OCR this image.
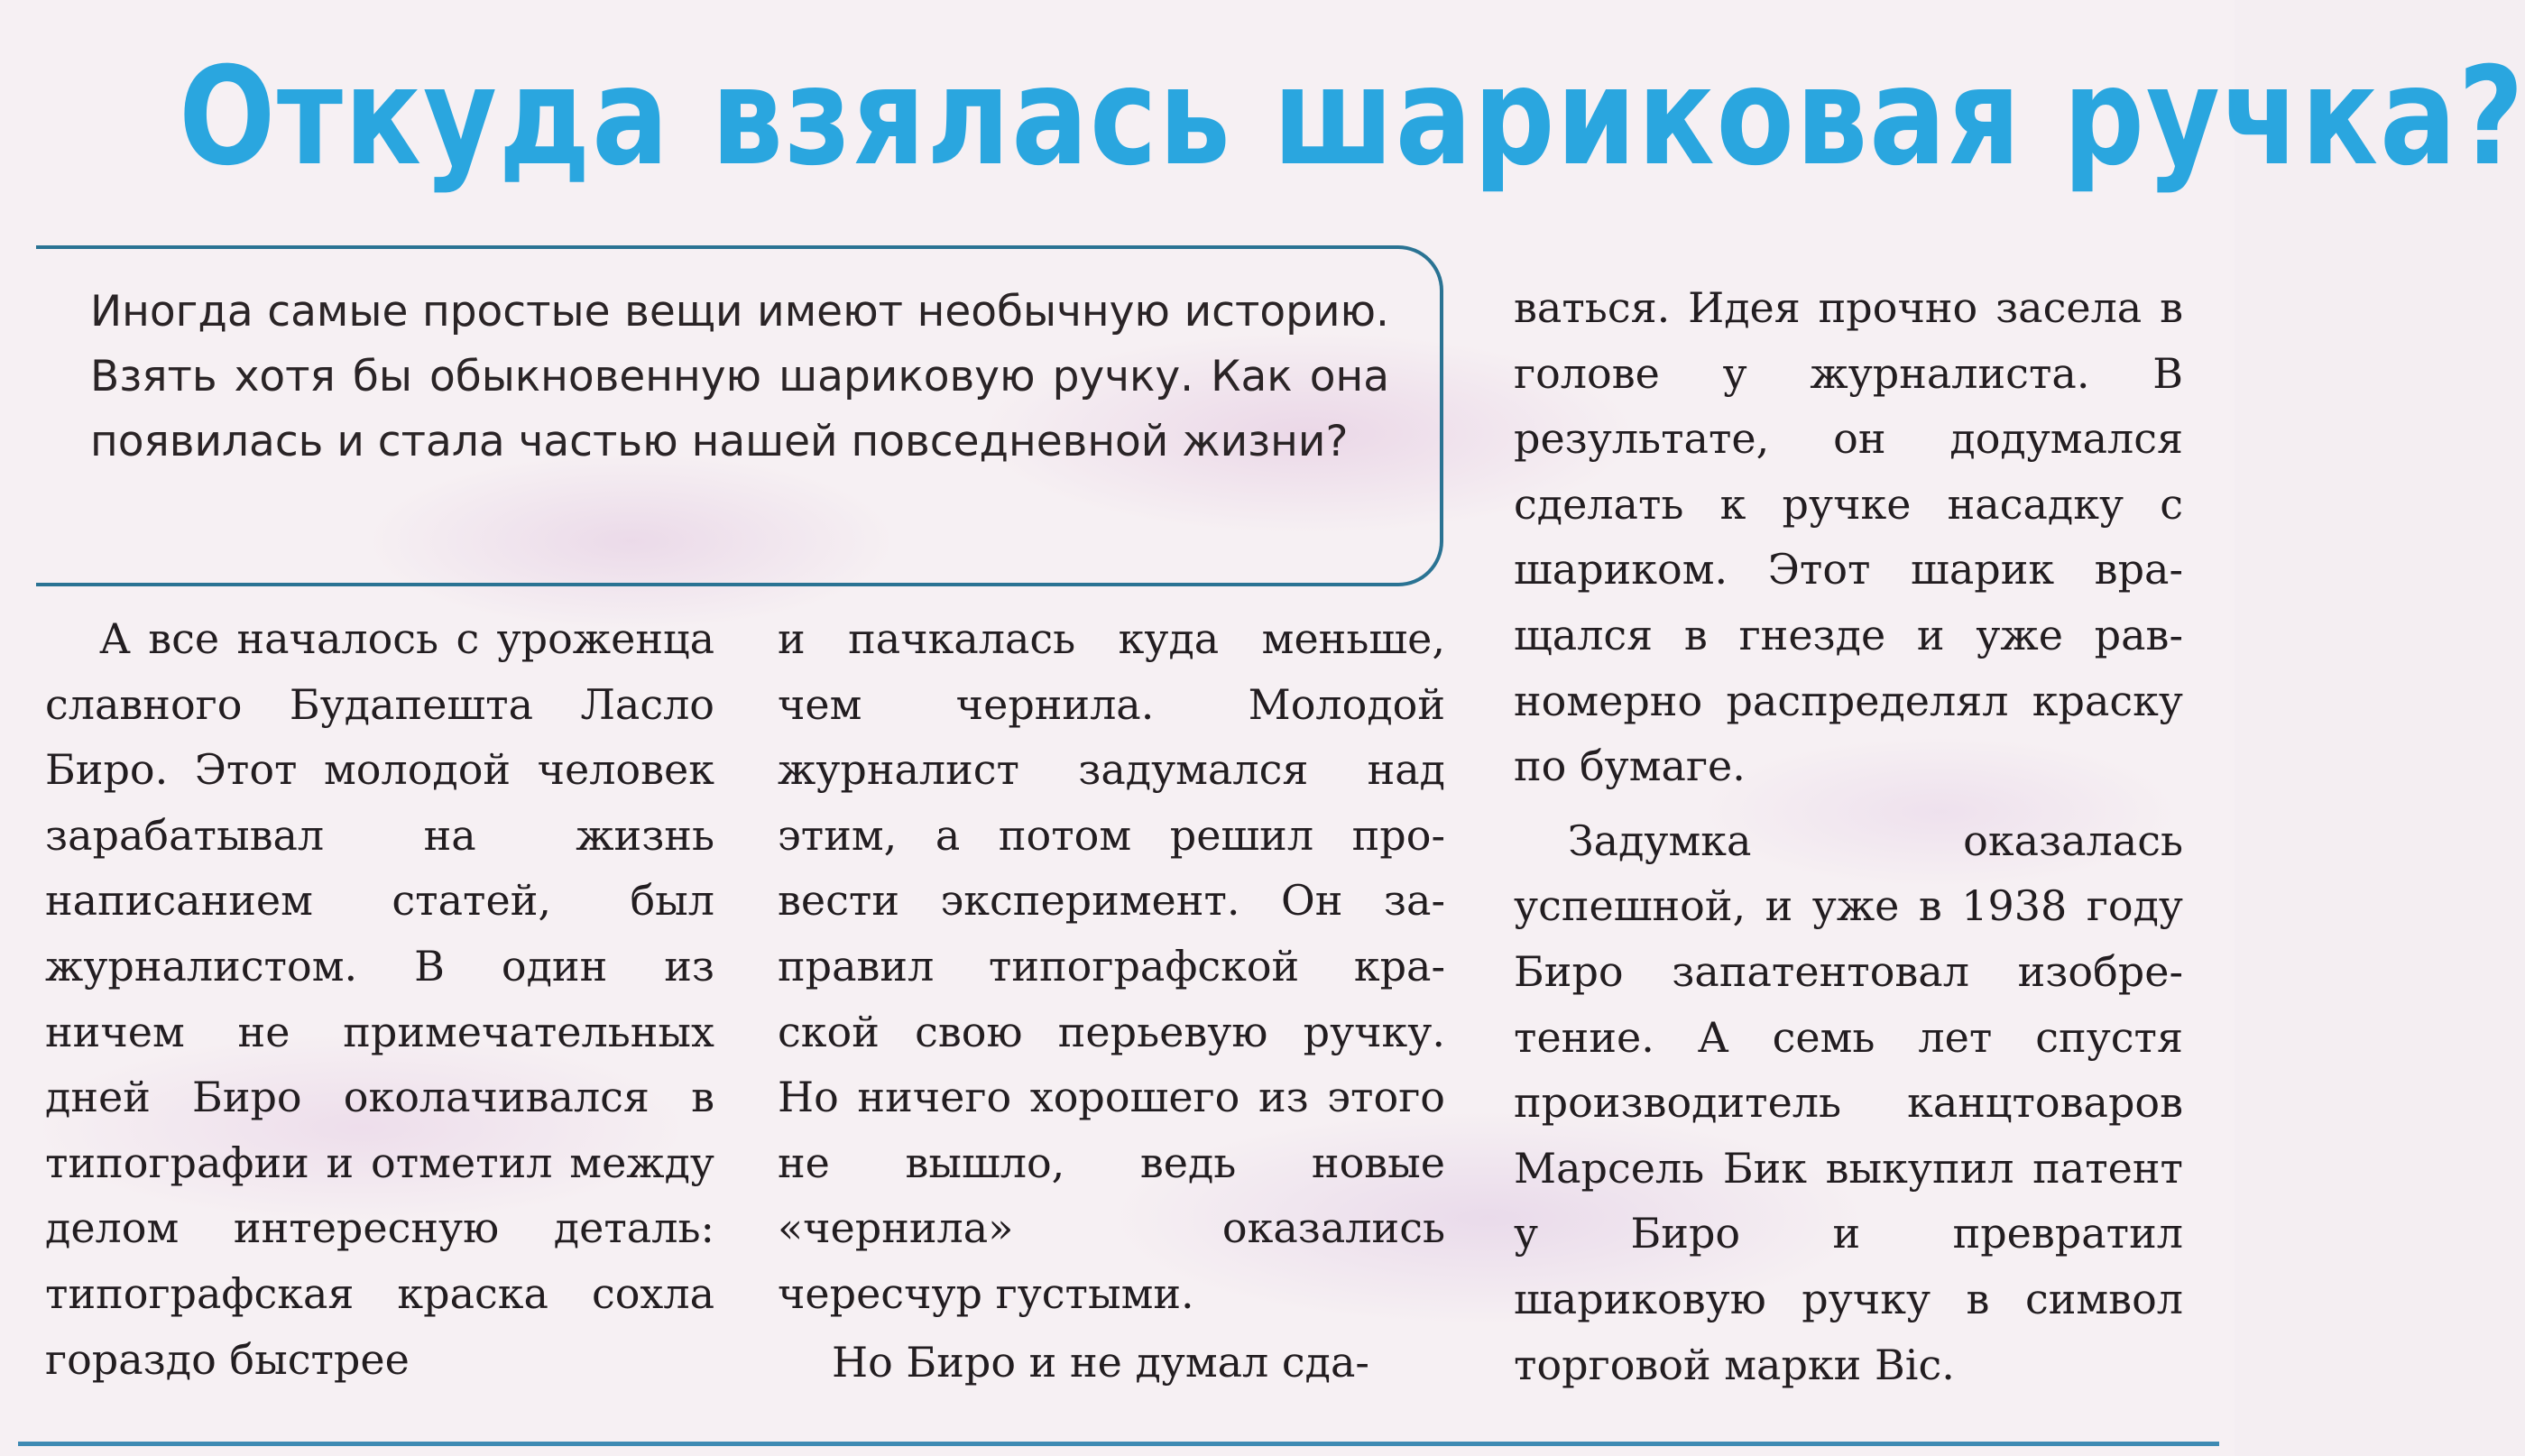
Откуда взялась шариковая ручка?

Иногда самые простые вещи имеют необычную историю. Взять хотя бы обыкновенную шариковую ручку. Как она появилась и стала частью нашей повседневной жизни?

А все началось с уроженца славного Будапешта Ласло Биро. Этот молодой человек зарабатывал на жизнь написанием статей, был журналистом. В один из ничем не примечательных дней Биро околачивался в типографии и отметил между делом интересную деталь: типографская краска сохла гораздо быстрее

и пачкалась куда меньше, чем чернила. Молодой журналист задумался над этим, а потом решил провести эксперимент. Он заправил типографской краской свою перьевую ручку. Но ничего хорошего из этого не вышло, ведь новые «чернила» оказались чересчур густыми.

Но Биро и не думал сда-

ваться. Идея прочно засела в голове у журналиста. В результате, он додумался сделать к ручке насадку с шариком. Этот шарик вращался в гнезде и уже равномерно распределял краску по бумаге.

Задумка оказалась успешной, и уже в 1938 году Биро запатентовал изобретение. А семь лет спустя производитель канцтоваров Марсель Бик выкупил патент у Биро и превратил шариковую ручку в символ торговой марки Bic.
